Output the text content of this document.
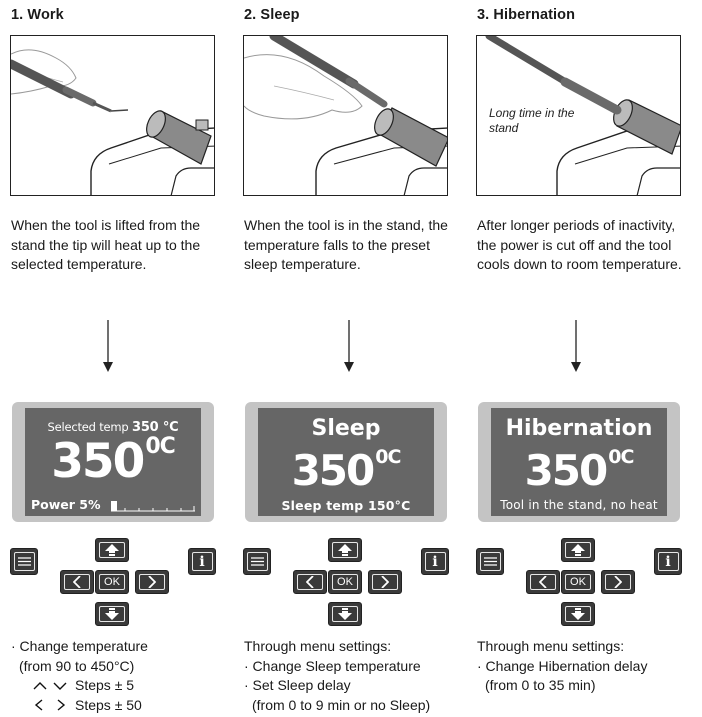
1. Work
When the tool is lifted from the stand the tip will heat up to the selected temperature.
Selected temp 350 °C
$350^{0C}$
Power 5%
OK
i
· Change temperature
(from 90 to 450°C)
Steps ± 5
Steps ± 50
2. Sleep
When the tool is in the stand, the temperature falls to the preset sleep temperature.
Sleep
350 $^{0C}$
Sleep temp 150°C
OK
i
Through menu settings:
· Change Sleep temperature
· Set Sleep delay
(from 0 to 9 min or no Sleep)
3. Hibernation
Long time in the stand
After longer periods of inactivity, the power is cut off and the tool cools down to room temperature.
Hibernation
350 $^{0C}$
Tool in the stand, no heat
OK
i
Through menu settings:
· Change Hibernation delay
(from 0 to 35 min)
